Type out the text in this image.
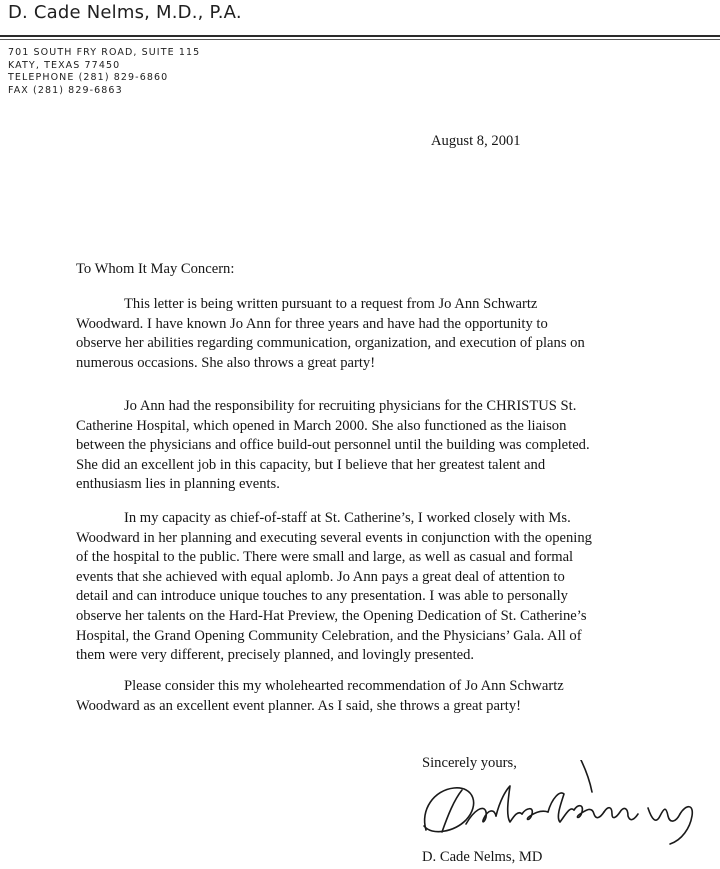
D. Cade Nelms, M.D., P.A.
701 SOUTH FRY ROAD, SUITE 115
KATY, TEXAS 77450
TELEPHONE (281) 829-6860
FAX (281) 829-6863
August 8, 2001
To Whom It May Concern:
This letter is being written pursuant to a request from Jo Ann Schwartz
Woodward. I have known Jo Ann for three years and have had the opportunity to
observe her abilities regarding communication, organization, and execution of plans on
numerous occasions. She also throws a great party!
Jo Ann had the responsibility for recruiting physicians for the CHRISTUS St.
Catherine Hospital, which opened in March 2000. She also functioned as the liaison
between the physicians and office build-out personnel until the building was completed.
She did an excellent job in this capacity, but I believe that her greatest talent and
enthusiasm lies in planning events.
In my capacity as chief-of-staff at St. Catherine’s, I worked closely with Ms.
Woodward in her planning and executing several events in conjunction with the opening
of the hospital to the public. There were small and large, as well as casual and formal
events that she achieved with equal aplomb. Jo Ann pays a great deal of attention to
detail and can introduce unique touches to any presentation. I was able to personally
observe her talents on the Hard-Hat Preview, the Opening Dedication of St. Catherine’s
Hospital, the Grand Opening Community Celebration, and the Physicians’ Gala. All of
them were very different, precisely planned, and lovingly presented.
Please consider this my wholehearted recommendation of Jo Ann Schwartz
Woodward as an excellent event planner. As I said, she throws a great party!
Sincerely yours,
D. Cade Nelms, MD
